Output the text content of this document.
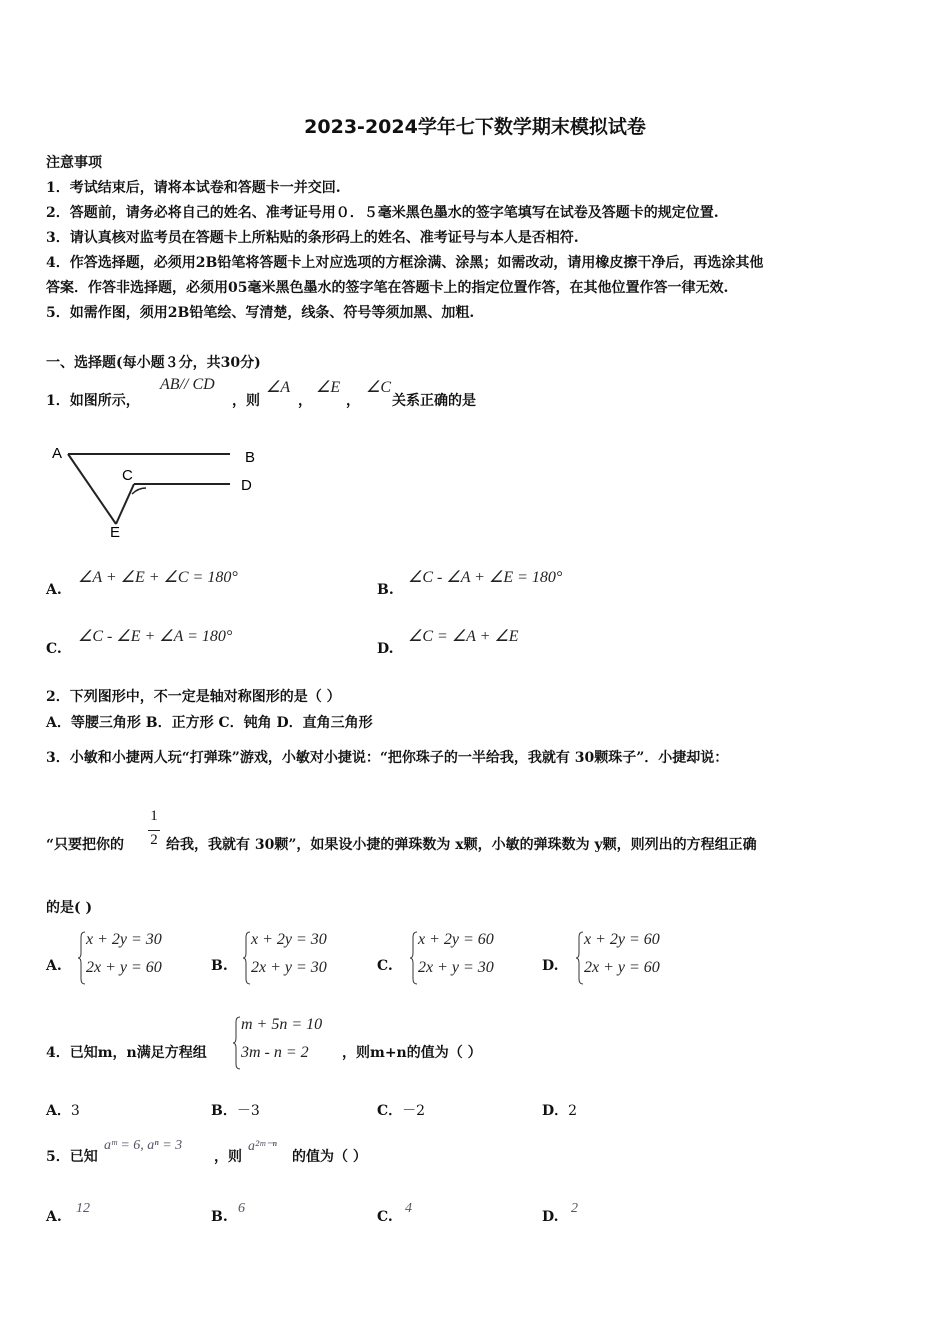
2023-2024学年七下数学期末模拟试卷
注意事项
1．考试结束后，请将本试卷和答题卡一并交回.
2．答题前，请务必将自己的姓名、准考证号用０．５毫米黑色墨水的签字笔填写在试卷及答题卡的规定位置.
3．请认真核对监考员在答题卡上所粘贴的条形码上的姓名、准考证号与本人是否相符.
4．作答选择题，必须用2B铅笔将答题卡上对应选项的方框涂满、涂黑；如需改动，请用橡皮擦干净后，再选涂其他
答案．作答非选择题，必须用05毫米黑色墨水的签字笔在答题卡上的指定位置作答，在其他位置作答一律无效.
5．如需作图，须用2B铅笔绘、写清楚，线条、符号等须加黑、加粗.
一、选择题(每小题３分，共30分)
1．如图所示，
AB// CD
，则
∠A
，
∠E
，
∠C
关系正确的是
A	B
C
D
E
A.
∠A + ∠E + ∠C = 180°
B.
∠C - ∠A + ∠E = 180°
C.
∠C - ∠E + ∠A = 180°
D.
∠C = ∠A + ∠E
2．下列图形中，不一定是轴对称图形的是（ ）
A．等腰三角形 B．正方形 C．钝角 D．直角三角形
3．小敏和小捷两人玩“打弹珠”游戏，小敏对小捷说：“把你珠子的一半给我，我就有 30颗珠子”．小捷却说：
“只要把你的
1
2 给我，我就有 30颗”，如果设小捷的弹珠数为 x颗，小敏的弹珠数为 y颗，则列出的方程组正确
的是( )
A.
x + 2y = 30
2x + y = 60	B.
x + 2y = 30
2x + y = 30	C.
x + 2y = 60
2x + y = 30	D.
x + 2y = 60
2x + y = 60
4．已知m，n满足方程组
m + 5n = 10
3m - n = 2 ，则m+n的值为（ ）
A．3	B．－3	C．－2	D．2
5．已知
aᵐ = 6, aⁿ = 3
，则
a²ᵐ⁻ⁿ
的值为（ ）
A.
12
B.
6
C.
4
D.
2
